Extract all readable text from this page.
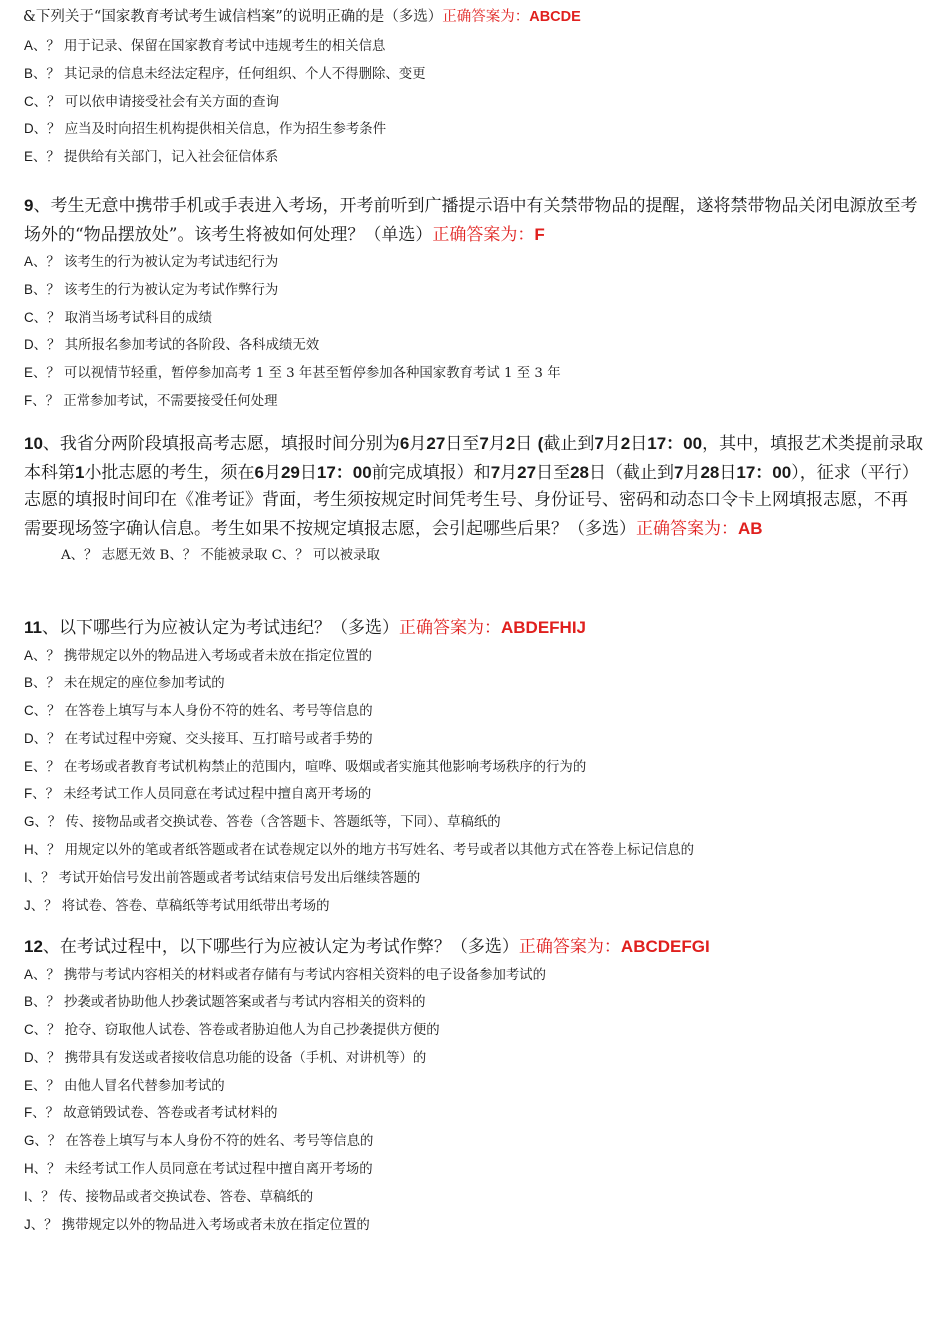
&下列关于“国家教育考试考生诚信档案”的说明正确的是（多选）正确答案为：ABCDE
A、？ 用于记录、保留在国家教育考试中违规考生的相关信息
B、？ 其记录的信息未经法定程序，任何组织、个人不得删除、变更
C、？ 可以依申请接受社会有关方面的查询
D、？ 应当及时向招生机构提供相关信息，作为招生参考条件
E、？ 提供给有关部门，记入社会征信体系
9、考生无意中携带手机或手表进入考场，开考前听到广播提示语中有关禁带物品的提醒，遂将禁带物品关闭电源放至考场外的“物品摆放处”。该考生将被如何处理？（单选）正确答案为：F
A、？ 该考生的行为被认定为考试违纪行为
B、？ 该考生的行为被认定为考试作弊行为
C、？ 取消当场考试科目的成绩
D、？ 其所报名参加考试的各阶段、各科成绩无效
E、？ 可以视情节轻重，暂停参加高考 1 至 3 年甚至暂停参加各种国家教育考试 1 至 3 年
F、？ 正常参加考试，不需要接受任何处理
10、我省分两阶段填报高考志愿，填报时间分别为6月27日至7月2日 (截止到7月2日17：00，其中，填报艺术类提前录取本科第1小批志愿的考生，须在6月29日17：00前完成填报）和7月27日至28日（截止到7月28日17：00），征求（平行）志愿的填报时间印在《准考证》背面，考生须按规定时间凭考生号、身份证号、密码和动态口令卡上网填报志愿，不再需要现场签字确认信息。考生如果不按规定填报志愿，会引起哪些后果？（多选）正确答案为：AB
A、？ 志愿无效 B、？ 不能被录取 C、？ 可以被录取
11、以下哪些行为应被认定为考试违纪？（多选）正确答案为：ABDEFHIJ
A、？ 携带规定以外的物品进入考场或者未放在指定位置的
B、？ 未在规定的座位参加考试的
C、？ 在答卷上填写与本人身份不符的姓名、考号等信息的
D、？ 在考试过程中旁窥、交头接耳、互打暗号或者手势的
E、？ 在考场或者教育考试机构禁止的范围内，喧哗、吸烟或者实施其他影响考场秩序的行为的
F、？ 未经考试工作人员同意在考试过程中擅自离开考场的
G、？ 传、接物品或者交换试卷、答卷（含答题卡、答题纸等，下同）、草稿纸的
H、？ 用规定以外的笔或者纸答题或者在试卷规定以外的地方书写姓名、考号或者以其他方式在答卷上标记信息的
I、？ 考试开始信号发出前答题或者考试结束信号发出后继续答题的
J、？ 将试卷、答卷、草稿纸等考试用纸带出考场的
12、在考试过程中，以下哪些行为应被认定为考试作弊？（多选）正确答案为：ABCDEFGI
A、？ 携带与考试内容相关的材料或者存储有与考试内容相关资料的电子设备参加考试的
B、？ 抄袭或者协助他人抄袭试题答案或者与考试内容相关的资料的
C、？ 抢夺、窃取他人试卷、答卷或者胁迫他人为自己抄袭提供方便的
D、？ 携带具有发送或者接收信息功能的设备（手机、对讲机等）的
E、？ 由他人冒名代替参加考试的
F、？ 故意销毁试卷、答卷或者考试材料的
G、？ 在答卷上填写与本人身份不符的姓名、考号等信息的
H、？ 未经考试工作人员同意在考试过程中擅自离开考场的
I、？ 传、接物品或者交换试卷、答卷、草稿纸的
J、？ 携带规定以外的物品进入考场或者未放在指定位置的
